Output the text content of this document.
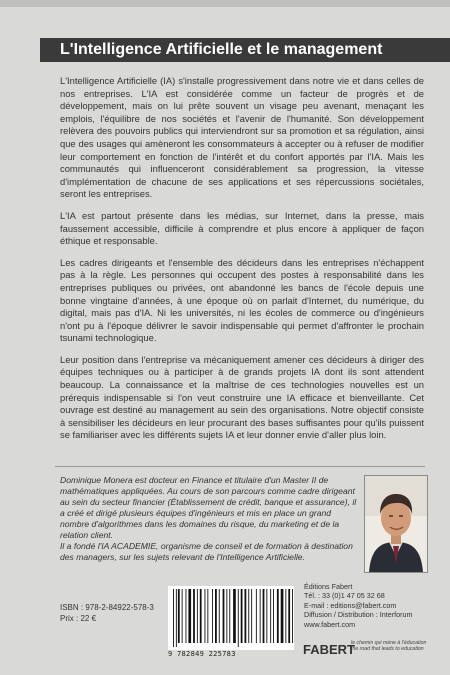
L'Intelligence Artificielle et le management

L'Intelligence Artificielle (IA) s'installe progressivement dans notre vie et dans celles de nos entreprises. L'IA est considérée comme un facteur de progrès et de développement, mais on lui prête souvent un visage peu avenant, menaçant les emplois, l'équilibre de nos sociétés et l'avenir de l'humanité. Son développement relèvera des pouvoirs publics qui interviendront sur sa promotion et sa régulation, ainsi que des usages qui amèneront les consommateurs à accepter ou à refuser de modifier leur comportement en fonction de l'intérêt et du confort apportés par l'IA. Mais les communautés qui influenceront considérablement sa progression, la vitesse d'implémentation de chacune de ses applications et ses répercussions sociétales, seront les entreprises.

L'IA est partout présente dans les médias, sur Internet, dans la presse, mais faussement accessible, difficile à comprendre et plus encore à appliquer de façon éthique et responsable.

Les cadres dirigeants et l'ensemble des décideurs dans les entreprises n'échappent pas à la règle. Les personnes qui occupent des postes à responsabilité dans les entreprises publiques ou privées, ont abandonné les bancs de l'école depuis une bonne vingtaine d'années, à une époque où on parlait d'Internet, du numérique, du digital, mais pas d'IA. Ni les universités, ni les écoles de commerce ou d'ingénieurs n'ont pu à l'époque délivrer le savoir indispensable qui permet d'affronter le prochain tsunami technologique.

Leur position dans l'entreprise va mécaniquement amener ces décideurs à diriger des équipes techniques ou à participer à de grands projets IA dont ils sont attendent beaucoup. La connaissance et la maîtrise de ces technologies nouvelles est un prérequis indispensable si l'on veut construire une IA efficace et bienveillante. Cet ouvrage est destiné au management au sein des organisations. Notre objectif consiste à sensibiliser les décideurs en leur procurant des bases suffisantes pour qu'ils puissent se familiariser avec les différents sujets IA et leur donner envie d'aller plus loin.

Dominique Monera est docteur en Finance et titulaire d'un Master II de mathématiques appliquées. Au cours de son parcours comme cadre dirigeant au sein du secteur financier (Établissement de crédit, banque et assurance), il a créé et dirigé plusieurs équipes d'ingénieurs et mis en place un grand nombre d'algorithmes dans les domaines du risque, du marketing et de la relation client.

Il a fondé l'IA ACADEMIE, organisme de conseil et de formation à destination des managers, sur les sujets relevant de l'Intelligence Artificielle.

Éditions Fabert
Tél. : 33 (0)1 47 05 32 68
E-mail : editions@fabert.com
Diffusion / Distribution : Interforum
www.fabert.com
ISBN : 978-2-84922-578-3
Prix : 22 €
9 782849 225783	FABERT
le chemin qui mène à l'éducation
the road that leads to education
